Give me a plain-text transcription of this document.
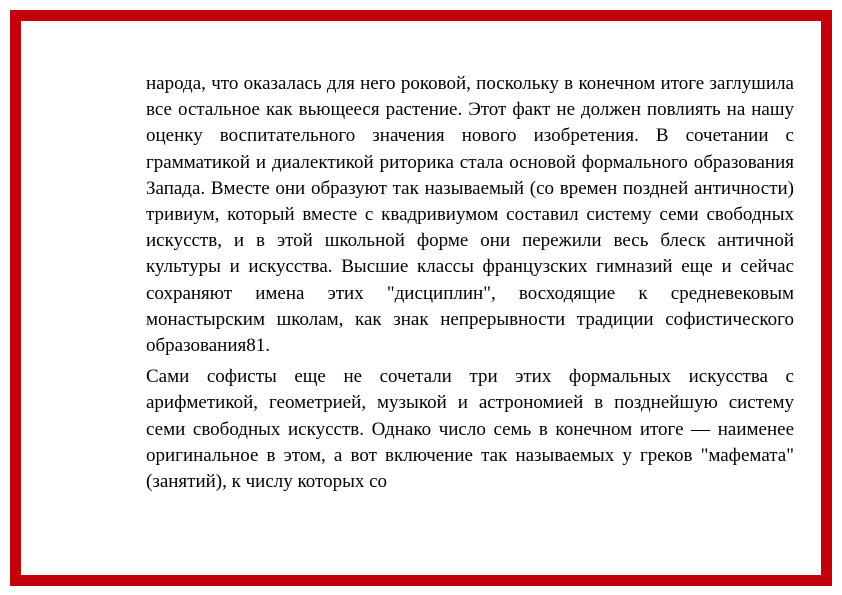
народа, что оказалась для него роковой, поскольку в конечном итоге заглушила все остальное как вьющееся растение. Этот факт не должен повлиять на нашу оценку воспитательного значения нового изобретения. В сочетании с грамматикой и диалектикой риторика стала основой формального образования Запада. Вместе они образуют так называемый (со времен поздней античности) тривиум, который вместе с квадривиумом составил систему семи свободных искусств, и в этой школьной форме они пережили весь блеск античной культуры и искусства. Высшие классы французских гимназий еще и сейчас сохраняют имена этих "дисциплин", восходящие к средневековым монастырским школам, как знак непрерывности традиции софистического образования81.

Сами софисты еще не сочетали три этих формальных искусства с арифметикой, геометрией, музыкой и астрономией в позднейшую систему семи свободных искусств. Однако число семь в конечном итоге — наименее оригинальное в этом, а вот включение так называемых у греков "мафемата" (занятий), к числу которых со
